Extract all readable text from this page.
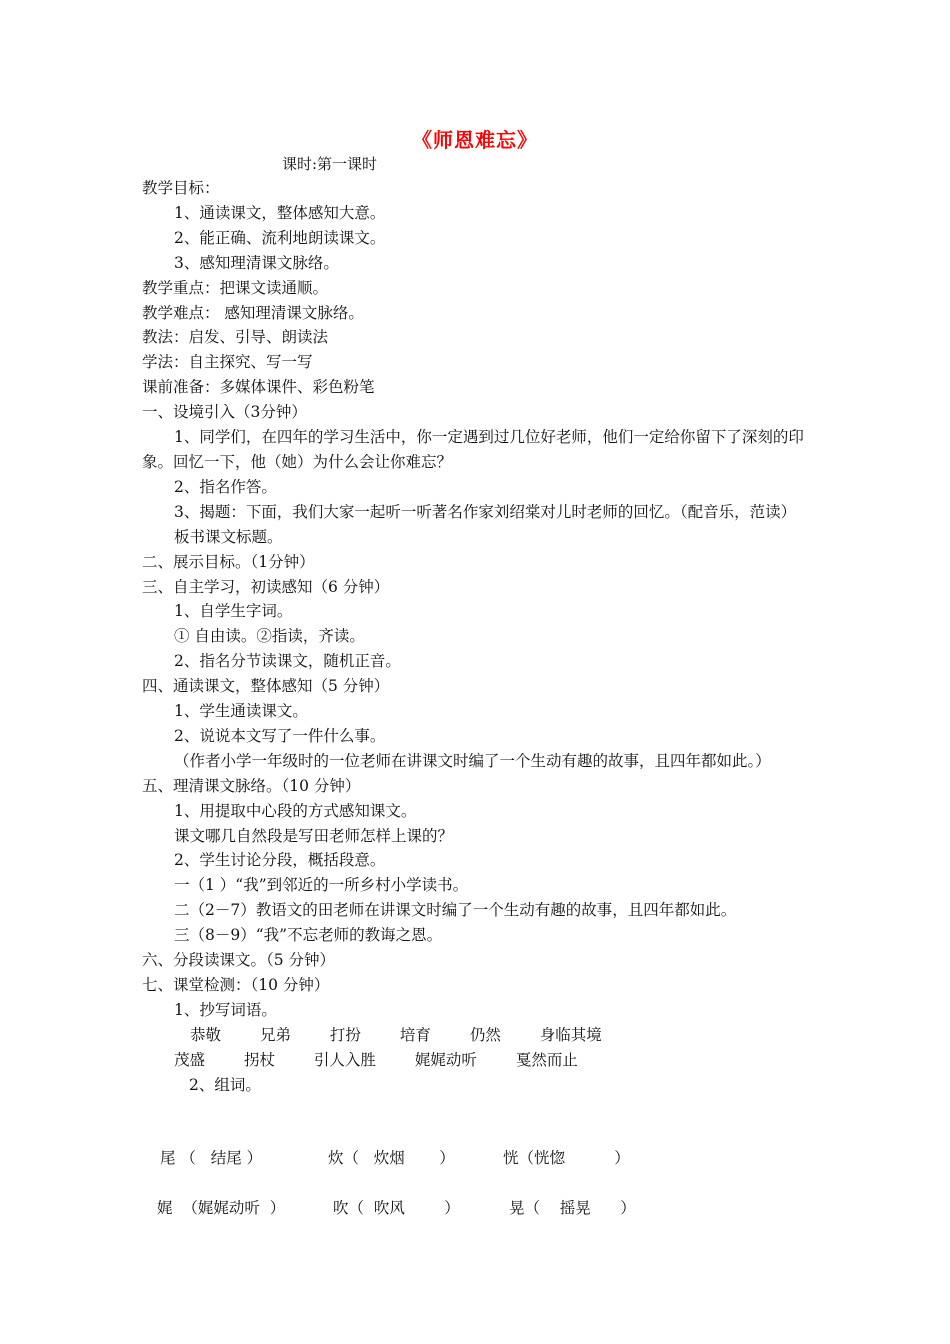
《师恩难忘》
课时:第一课时

教学目标：

1、通读课文，整体感知大意。

2、能正确、流利地朗读课文。

3、感知理清课文脉络。

教学重点：把课文读通顺。

教学难点： 感知理清课文脉络。

教法：启发、引导、朗读法

学法：自主探究、写一写

课前准备：多媒体课件、彩色粉笔

一、设境引入（3分钟）

1、同学们，在四年的学习生活中，你一定遇到过几位好老师，他们一定给你留下了深刻的印象。回忆一下，他（她）为什么会让你难忘？

2、指名作答。

3、揭题：下面，我们大家一起听一听著名作家刘绍棠对儿时老师的回忆。（配音乐，范读）

板书课文标题。

二、展示目标。（1分钟）

三、自主学习，初读感知（6 分钟）

1、自学生字词。

① 自由读。②指读，齐读。

2、指名分节读课文，随机正音。

四、通读课文，整体感知（5 分钟）

1、学生通读课文。

2、说说本文写了一件什么事。

（作者小学一年级时的一位老师在讲课文时编了一个生动有趣的故事，且四年都如此。）

五、理清课文脉络。（10 分钟）

1、用提取中心段的方式感知课文。

课文哪几自然段是写田老师怎样上课的？

2、学生讨论分段，概括段意。

一（1 ）“我”到邻近的一所乡村小学读书。

二（2－7）教语文的田老师在讲课文时编了一个生动有趣的故事，且四年都如此。

三（8－9）“我”不忘老师的教诲之恩。

六、分段读课文。（5 分钟）

七、课堂检测：（10 分钟）

1、抄写词语。

恭敬	兄弟	打扮	培育	仍然	身临其境

茂盛	拐杖	引人入胜	娓娓动听	戛然而止

2、组词。

尾 （   结尾 ）	炊（   炊烟       ）	恍（恍惚          ）
娓  （娓娓动听  ）	吹（  吹风        ）	晃（    摇晃      ）
